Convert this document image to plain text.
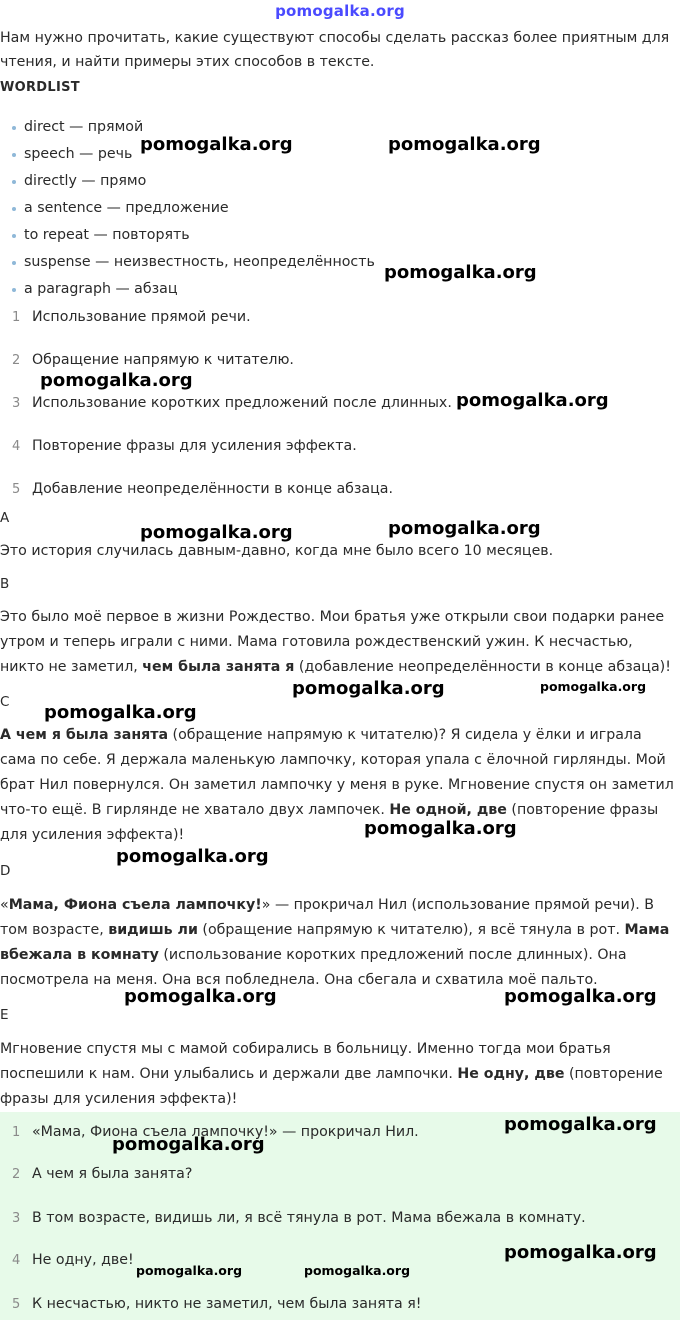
pomogalka.org
Нам нужно прочитать, какие существуют способы сделать рассказ более приятным для чтения, и найти примеры этих способов в тексте.
WORDLIST
direct — прямой
speech — речь
directly — прямо
a sentence — предложение
to repeat — повторять
suspense — неизвестность, неопределённость
a paragraph — абзац
1 Использование прямой речи.
2 Обращение напрямую к читателю.
3 Использование коротких предложений после длинных.
4 Повторение фразы для усиления эффекта.
5 Добавление неопределённости в конце абзаца.
A
Это история случилась давным-давно, когда мне было всего 10 месяцев.
B
Это было моё первое в жизни Рождество. Мои братья уже открыли свои подарки ранее утром и теперь играли с ними. Мама готовила рождественский ужин. К несчастью, никто не заметил, чем была занята я (добавление неопределённости в конце абзаца)!
C
А чем я была занята (обращение напрямую к читателю)? Я сидела у ёлки и играла сама по себе. Я держала маленькую лампочку, которая упала с ёлочной гирлянды. Мой брат Нил повернулся. Он заметил лампочку у меня в руке. Мгновение спустя он заметил что-то ещё. В гирлянде не хватало двух лампочек. Не одной, две (повторение фразы для усиления эффекта)!
D
«Мама, Фиона съела лампочку!» — прокричал Нил (использование прямой речи). В том возрасте, видишь ли (обращение напрямую к читателю), я всё тянула в рот. Мама вбежала в комнату (использование коротких предложений после длинных). Она посмотрела на меня. Она вся побледнела. Она сбегала и схватила моё пальто.
E
Мгновение спустя мы с мамой собирались в больницу. Именно тогда мои братья поспешили к нам. Они улыбались и держали две лампочки. Не одну, две (повторение фразы для усиления эффекта)!
1 «Мама, Фиона съела лампочку!» — прокричал Нил.
2 А чем я была занята?
3 В том возрасте, видишь ли, я всё тянула в рот. Мама вбежала в комнату.
4 Не одну, две!
5 К несчастью, никто не заметил, чем была занята я!
pomogalka.org	pomogalka.org
pomogalka.org
pomogalka.org
pomogalka.org
pomogalka.org	pomogalka.org
pomogalka.org	pomogalka.org
pomogalka.org
pomogalka.org
pomogalka.org
pomogalka.org	pomogalka.org
pomogalka.org
pomogalka.org
pomogalka.org
pomogalka.org	pomogalka.org
